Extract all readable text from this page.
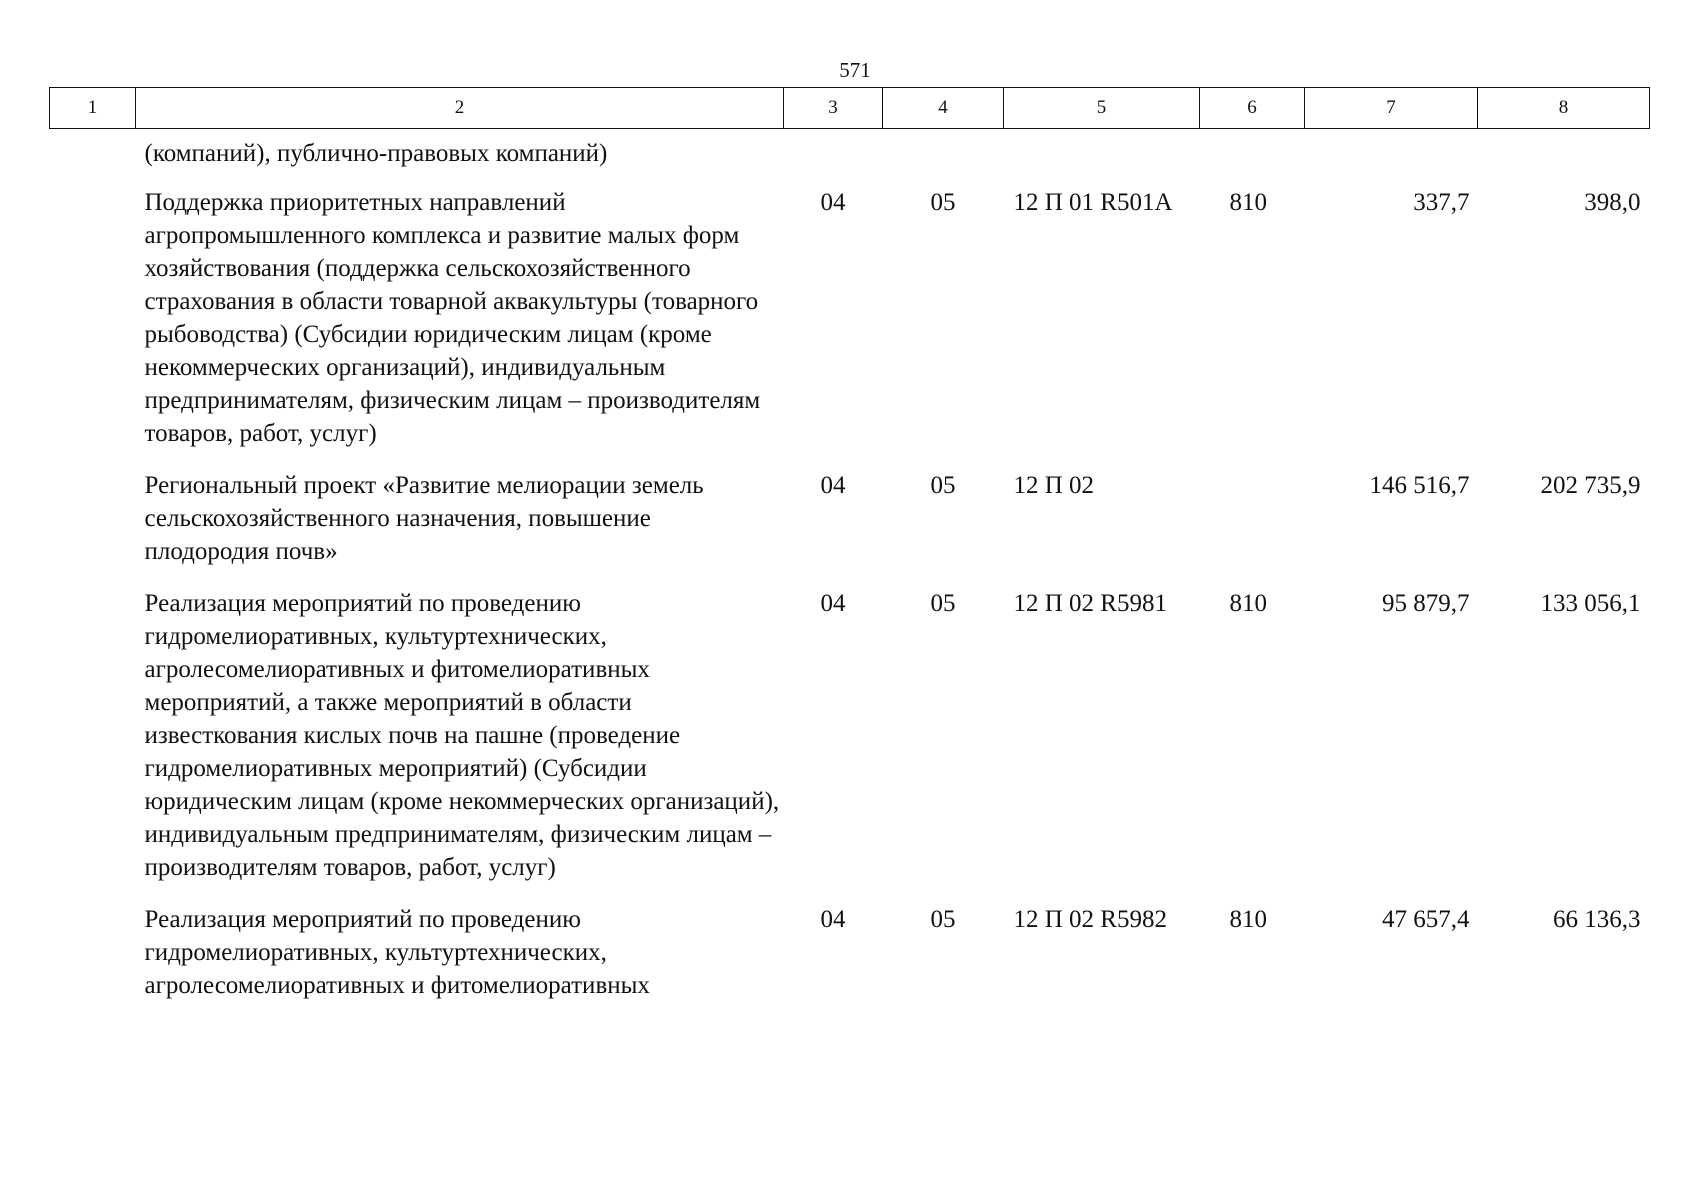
571
1	2	3	4	5	6	7	8
	(компаний), публично-правовых компаний)						
	Поддержка приоритетных направлений агропромышленного комплекса и развитие малых форм хозяйствования (поддержка сельскохозяйственного страхования в области товарной аквакультуры (товарного рыбоводства) (Субсидии юридическим лицам (кроме некоммерческих организаций), индивидуальным предпринимателям, физическим лицам – производителям товаров, работ, услуг)	04	05	12 П 01 R501А	810	337,7	398,0
	Региональный проект «Развитие мелиорации земель сельскохозяйственного назначения, повышение плодородия почв»	04	05	12 П 02		146 516,7	202 735,9
	Реализация мероприятий по проведению гидромелиоративных, культуртехнических, агролесомелиоративных и фитомелиоративных мероприятий, а также мероприятий в области известкования кислых почв на пашне (проведение гидромелиоративных мероприятий) (Субсидии юридическим лицам (кроме некоммерческих организаций), индивидуальным предпринимателям, физическим лицам – производителям товаров, работ, услуг)	04	05	12 П 02 R5981	810	95 879,7	133 056,1
	Реализация мероприятий по проведению гидромелиоративных, культуртехнических, агролесомелиоративных и фитомелиоративных	04	05	12 П 02 R5982	810	47 657,4	66 136,3
